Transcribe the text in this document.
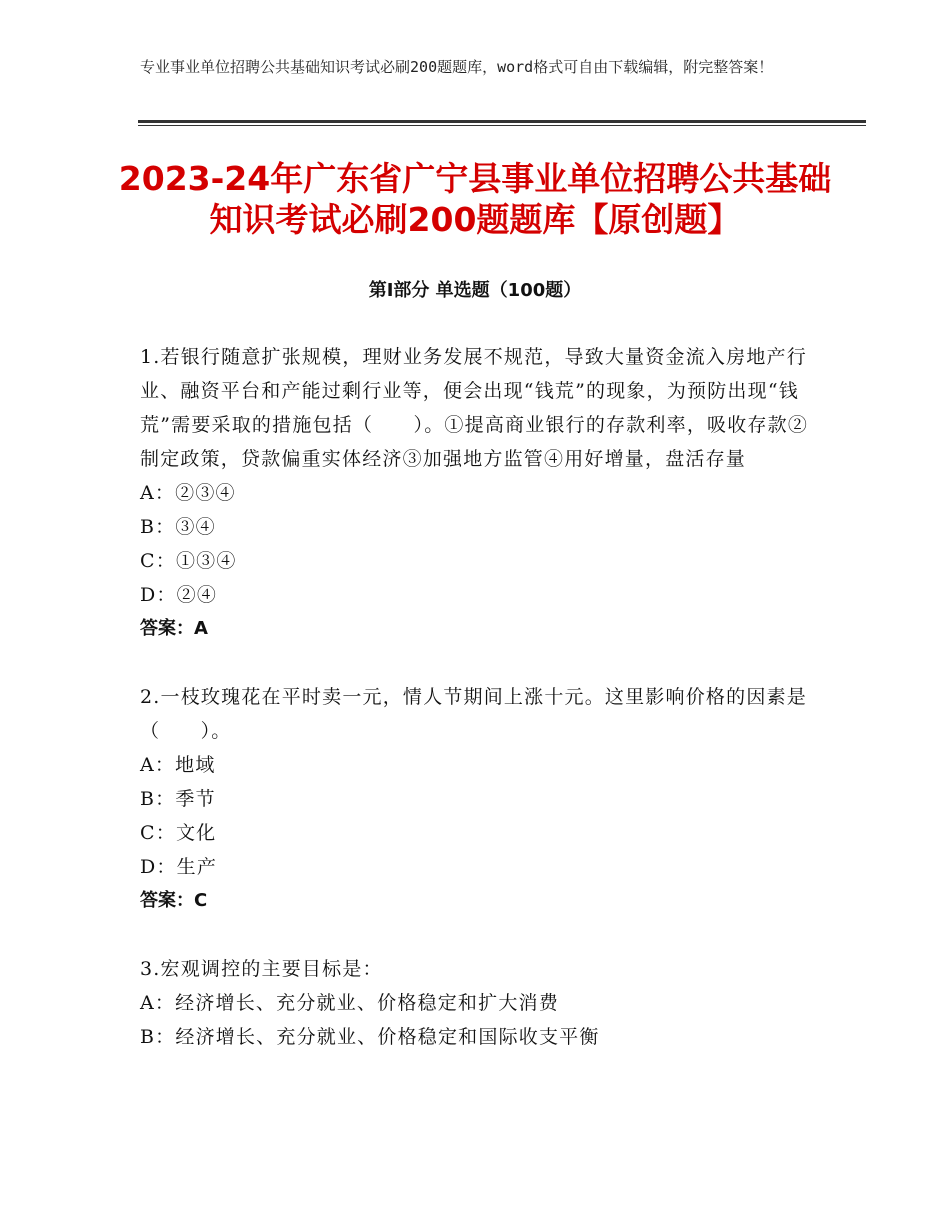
专业事业单位招聘公共基础知识考试必刷200题题库，word格式可自由下载编辑，附完整答案！
2023-24年广东省广宁县事业单位招聘公共基础知识考试必刷200题题库【原创题】
第Ⅰ部分 单选题（100题）
1.若银行随意扩张规模，理财业务发展不规范，导致大量资金流入房地产行业、融资平台和产能过剩行业等，便会出现“钱荒”的现象，为预防出现“钱荒”需要采取的措施包括（　　）。①提高商业银行的存款利率，吸收存款②制定政策，贷款偏重实体经济③加强地方监管④用好增量，盘活存量
A：②③④
B：③④
C：①③④
D：②④
答案：A
2.一枝玫瑰花在平时卖一元，情人节期间上涨十元。这里影响价格的因素是（　　）。
A：地域
B：季节
C：文化
D：生产
答案：C
3.宏观调控的主要目标是：
A：经济增长、充分就业、价格稳定和扩大消费
B：经济增长、充分就业、价格稳定和国际收支平衡
